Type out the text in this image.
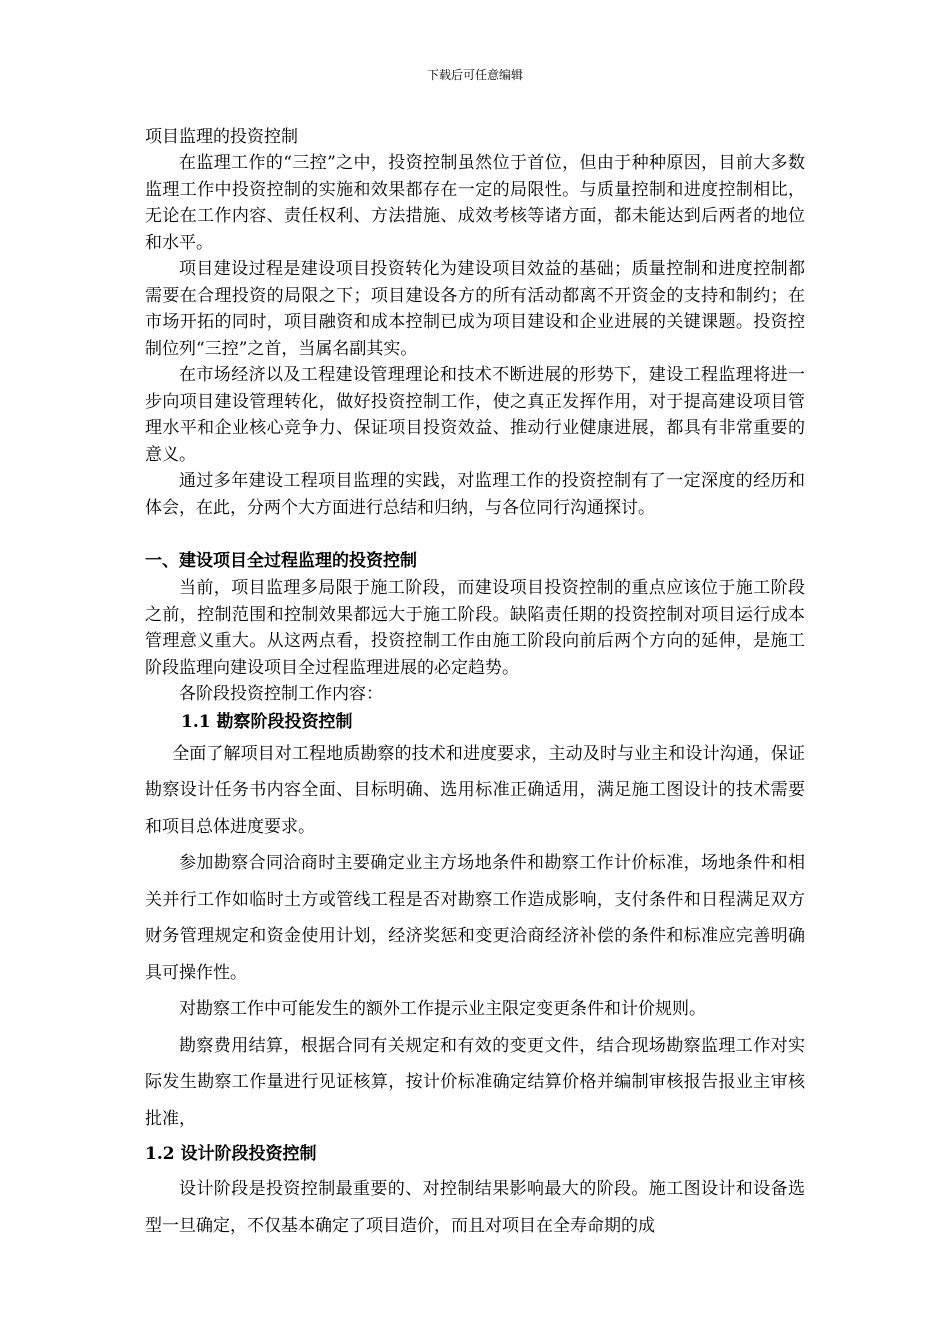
下载后可任意编辑

项目监理的投资控制

在监理工作的“三控”之中，投资控制虽然位于首位，但由于种种原因，目前大多数监理工作中投资控制的实施和效果都存在一定的局限性。与质量控制和进度控制相比，无论在工作内容、责任权利、方法措施、成效考核等诸方面，都未能达到后两者的地位和水平。

项目建设过程是建设项目投资转化为建设项目效益的基础；质量控制和进度控制都需要在合理投资的局限之下；项目建设各方的所有活动都离不开资金的支持和制约；在市场开拓的同时，项目融资和成本控制已成为项目建设和企业进展的关键课题。投资控制位列“三控”之首，当属名副其实。

在市场经济以及工程建设管理理论和技术不断进展的形势下，建设工程监理将进一步向项目建设管理转化，做好投资控制工作，使之真正发挥作用，对于提高建设项目管理水平和企业核心竞争力、保证项目投资效益、推动行业健康进展，都具有非常重要的意义。

通过多年建设工程项目监理的实践，对监理工作的投资控制有了一定深度的经历和体会，在此，分两个大方面进行总结和归纳，与各位同行沟通探讨。

一、建设项目全过程监理的投资控制

当前，项目监理多局限于施工阶段，而建设项目投资控制的重点应该位于施工阶段之前，控制范围和控制效果都远大于施工阶段。缺陷责任期的投资控制对项目运行成本管理意义重大。从这两点看，投资控制工作由施工阶段向前后两个方向的延伸，是施工阶段监理向建设项目全过程监理进展的必定趋势。

各阶段投资控制工作内容：

1.1 勘察阶段投资控制

全面了解项目对工程地质勘察的技术和进度要求，主动及时与业主和设计沟通，保证勘察设计任务书内容全面、目标明确、选用标准正确适用，满足施工图设计的技术需要和项目总体进度要求。

参加勘察合同洽商时主要确定业主方场地条件和勘察工作计价标准，场地条件和相关并行工作如临时土方或管线工程是否对勘察工作造成影响，支付条件和日程满足双方财务管理规定和资金使用计划，经济奖惩和变更洽商经济补偿的条件和标准应完善明确具可操作性。

对勘察工作中可能发生的额外工作提示业主限定变更条件和计价规则。

勘察费用结算，根据合同有关规定和有效的变更文件，结合现场勘察监理工作对实际发生勘察工作量进行见证核算，按计价标准确定结算价格并编制审核报告报业主审核批准，

1.2 设计阶段投资控制

设计阶段是投资控制最重要的、对控制结果影响最大的阶段。施工图设计和设备选型一旦确定，不仅基本确定了项目造价，而且对项目在全寿命期的成
